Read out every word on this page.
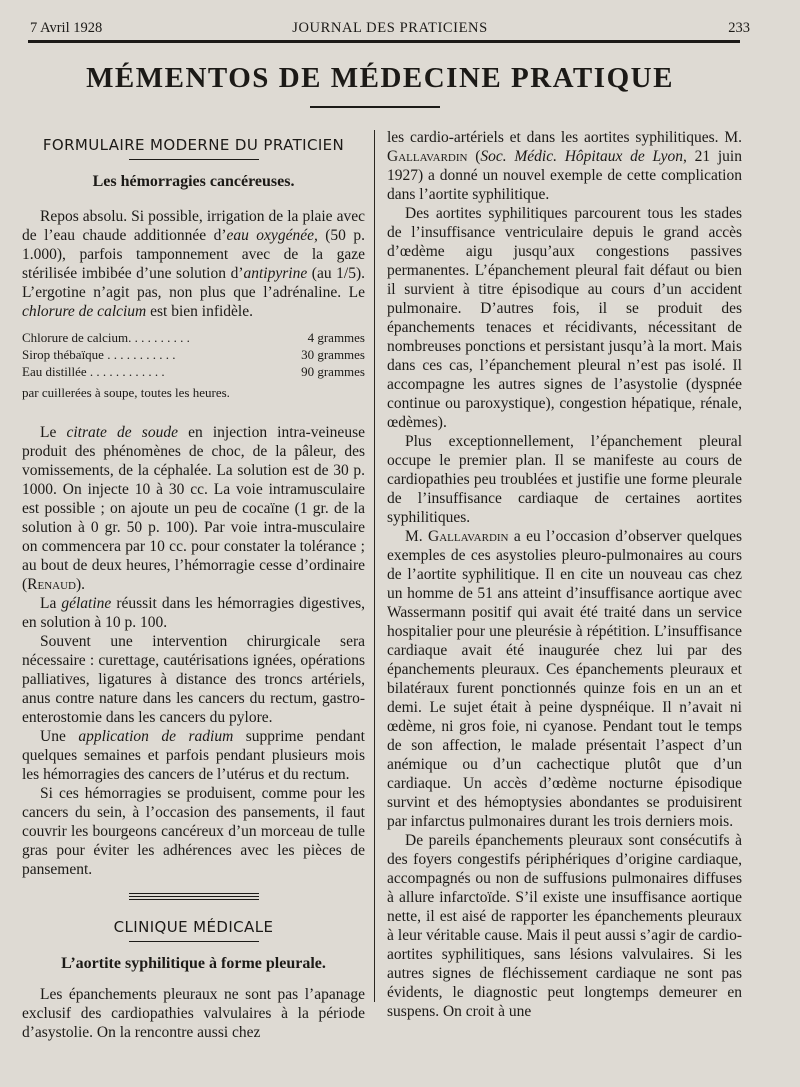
7 Avril 1928	JOURNAL DES PRATICIENS	233
MÉMENTOS DE MÉDECINE PRATIQUE
FORMULAIRE MODERNE DU PRATICIEN
Les hémorragies cancéreuses.

Repos absolu. Si possible, irrigation de la plaie avec de l’eau chaude additionnée d’eau oxygénée, (50 p. 1.000), parfois tamponnement avec de la gaze stérilisée imbibée d’une solution d’antipyrine (au 1/5). L’ergotine n’agit pas, non plus que l’adrénaline. Le chlorure de calcium est bien infidèle.

Chlorure de calcium. . . . . . . . . .	4 grammes
Sirop thébaïque . . . . . . . . . . .	30 grammes
Eau distillée . . . . . . . . . . . .	90 grammes
par cuillerées à soupe, toutes les heures.

Le citrate de soude en injection intra-veineuse produit des phénomènes de choc, de la pâleur, des vomissements, de la céphalée. La solution est de 30 p. 1000. On injecte 10 à 30 cc. La voie intramusculaire est possible ; on ajoute un peu de cocaïne (1 gr. de la solution à 0 gr. 50 p. 100). Par voie intra-musculaire on commencera par 10 cc. pour constater la tolérance ; au bout de deux heures, l’hémorragie cesse d’ordinaire (Renaud).

La gélatine réussit dans les hémorragies digestives, en solution à 10 p. 100.

Souvent une intervention chirurgicale sera nécessaire : curettage, cautérisations ignées, opérations palliatives, ligatures à distance des troncs artériels, anus contre nature dans les cancers du rectum, gastro-enterostomie dans les cancers du pylore.

Une application de radium supprime pendant quelques semaines et parfois pendant plusieurs mois les hémorragies des cancers de l’utérus et du rectum.

Si ces hémorragies se produisent, comme pour les cancers du sein, à l’occasion des pansements, il faut couvrir les bourgeons cancéreux d’un morceau de tulle gras pour éviter les adhérences avec les pièces de pansement.

CLINIQUE MÉDICALE
L’aortite syphilitique à forme pleurale.

Les épanchements pleuraux ne sont pas l’apanage exclusif des cardiopathies valvulaires à la période d’asystolie. On la rencontre aussi chez

les cardio-artériels et dans les aortites syphilitiques. M. Gallavardin (Soc. Médic. Hôpitaux de Lyon, 21 juin 1927) a donné un nouvel exemple de cette complication dans l’aortite syphilitique.

Des aortites syphilitiques parcourent tous les stades de l’insuffisance ventriculaire depuis le grand accès d’œdème aigu jusqu’aux congestions passives permanentes. L’épanchement pleural fait défaut ou bien il survient à titre épisodique au cours d’un accident pulmonaire. D’autres fois, il se produit des épanchements tenaces et récidivants, nécessitant de nombreuses ponctions et persistant jusqu’à la mort. Mais dans ces cas, l’épanchement pleural n’est pas isolé. Il accompagne les autres signes de l’asystolie (dyspnée continue ou paroxystique), congestion hépatique, rénale, œdèmes).

Plus exceptionnellement, l’épanchement pleural occupe le premier plan. Il se manifeste au cours de cardiopathies peu troublées et justifie une forme pleurale de l’insuffisance cardiaque de certaines aortites syphilitiques.

M. Gallavardin a eu l’occasion d’observer quelques exemples de ces asystolies pleuro-pulmonaires au cours de l’aortite syphilitique. Il en cite un nouveau cas chez un homme de 51 ans atteint d’insuffisance aortique avec Wassermann positif qui avait été traité dans un service hospitalier pour une pleurésie à répétition. L’insuffisance cardiaque avait été inaugurée chez lui par des épanchements pleuraux. Ces épanchements pleuraux et bilatéraux furent ponctionnés quinze fois en un an et demi. Le sujet était à peine dyspnéique. Il n’avait ni œdème, ni gros foie, ni cyanose. Pendant tout le temps de son affection, le malade présentait l’aspect d’un anémique ou d’un cachectique plutôt que d’un cardiaque. Un accès d’œdème nocturne épisodique survint et des hémoptysies abondantes se produisirent par infarctus pulmonaires durant les trois derniers mois.

De pareils épanchements pleuraux sont consécutifs à des foyers congestifs périphériques d’origine cardiaque, accompagnés ou non de suffusions pulmonaires diffuses à allure infarctoïde. S’il existe une insuffisance aortique nette, il est aisé de rapporter les épanchements pleuraux à leur véritable cause. Mais il peut aussi s’agir de cardio-aortites syphilitiques, sans lésions valvulaires. Si les autres signes de fléchissement cardiaque ne sont pas évidents, le diagnostic peut longtemps demeurer en suspens. On croit à une
